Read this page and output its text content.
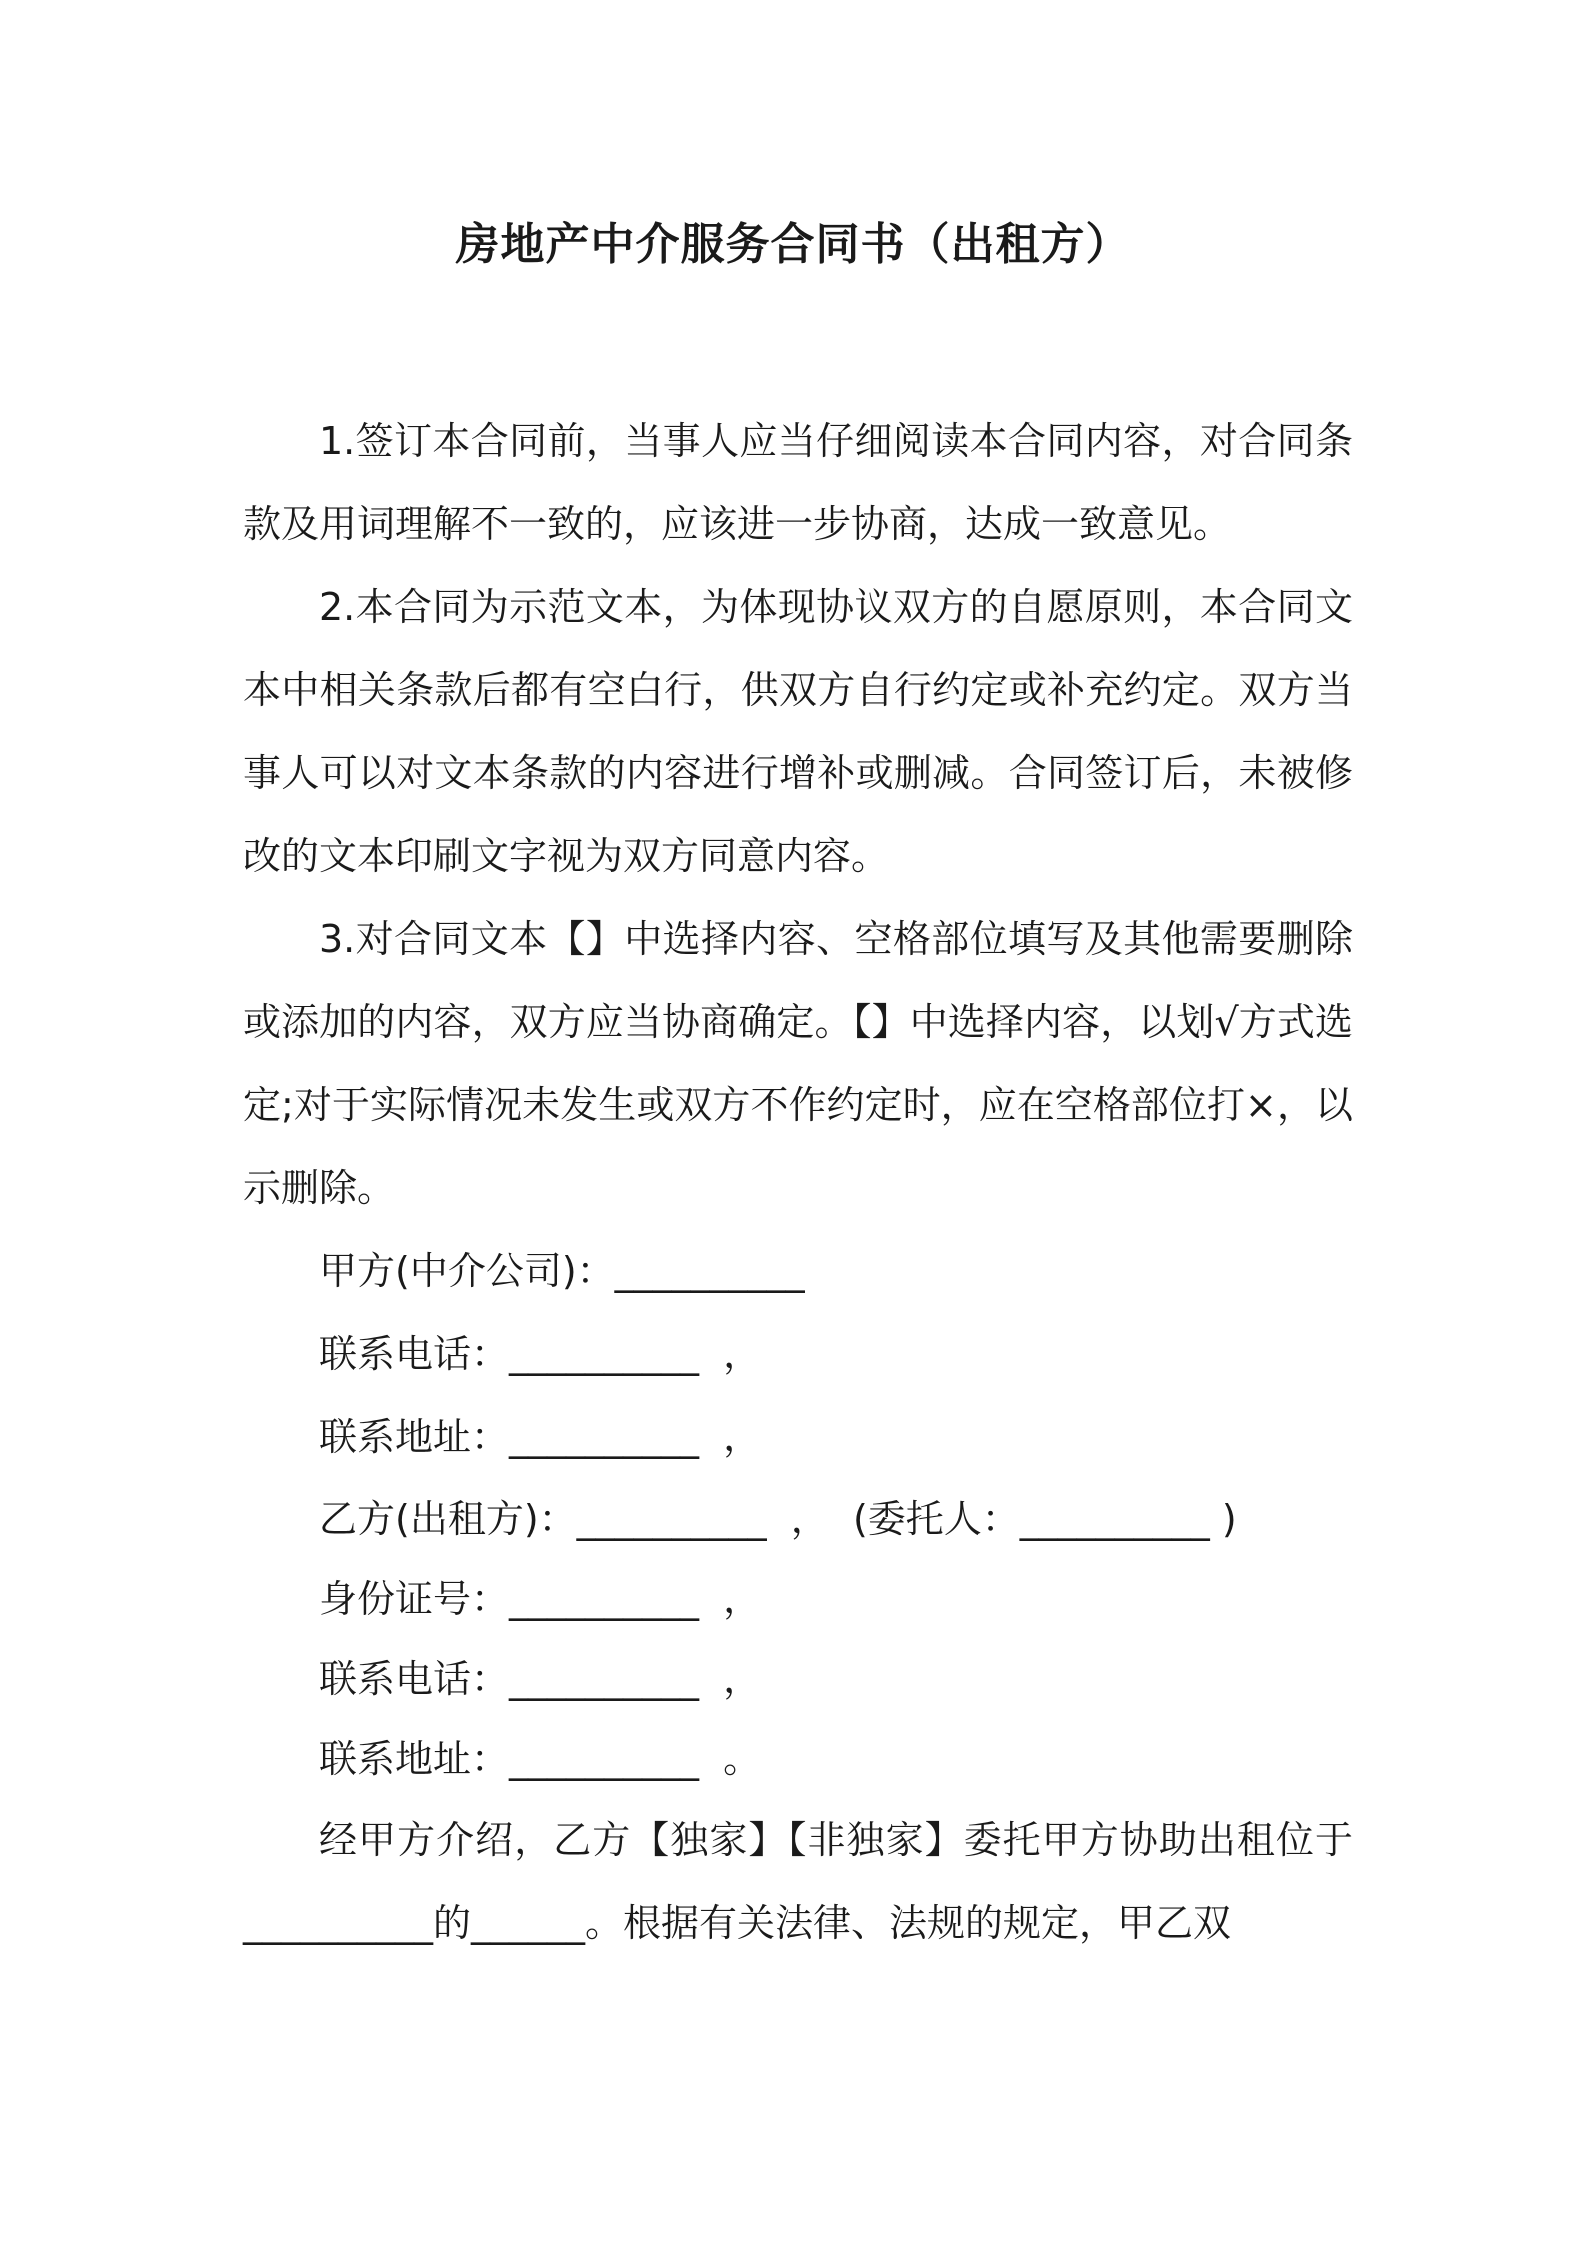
房地产中介服务合同书（出租方）

1.签订本合同前，当事人应当仔细阅读本合同内容，对合同条款及用词理解不一致的，应该进一步协商，达成一致意见。

2.本合同为示范文本，为体现协议双方的自愿原则，本合同文本中相关条款后都有空白行，供双方自行约定或补充约定。双方当事人可以对文本条款的内容进行增补或删减。合同签订后，未被修改的文本印刷文字视为双方同意内容。

3.对合同文本【】中选择内容、空格部位填写及其他需要删除或添加的内容，双方应当协商确定。【】中选择内容，以划√方式选定;对于实际情况未发生或双方不作约定时，应在空格部位打×，以示删除。

甲方(中介公司)：__________

联系电话：__________  ，

联系地址：__________  ，

乙方(出租方)：__________  ，  (委托人：__________ )

身份证号：__________  ，

联系电话：__________  ，

联系地址：__________  。

经甲方介绍，乙方【独家】【非独家】委托甲方协助出租位于__________的______。根据有关法律、法规的规定，甲乙双
